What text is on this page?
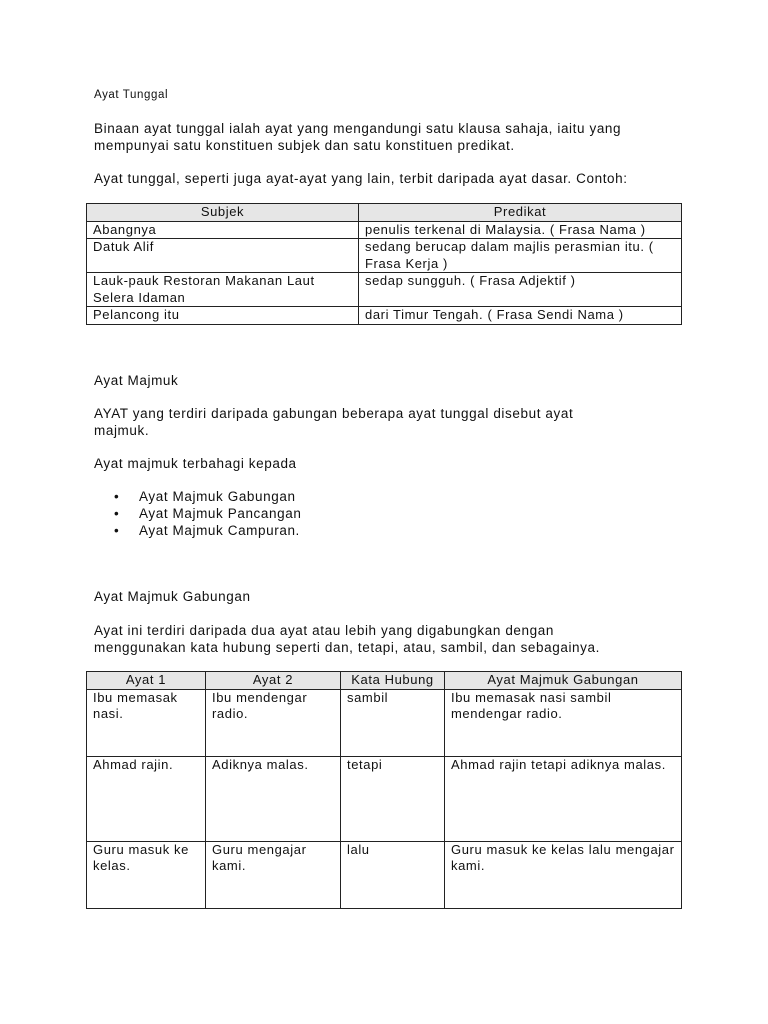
Ayat Tunggal
Binaan ayat tunggal ialah ayat yang mengandungi satu klausa sahaja, iaitu yang
mempunyai satu konstituen subjek dan satu konstituen predikat.
Ayat tunggal, seperti juga ayat-ayat yang lain, terbit daripada ayat dasar. Contoh:
Subjek	Predikat
Abangnya	penulis terkenal di Malaysia. ( Frasa Nama )
Datuk Alif	sedang berucap dalam majlis perasmian itu. ( Frasa Kerja )
Lauk-pauk Restoran Makanan Laut Selera Idaman	sedap sungguh. ( Frasa Adjektif )
Pelancong itu	dari Timur Tengah. ( Frasa Sendi Nama )
Ayat Majmuk
AYAT yang terdiri daripada gabungan beberapa ayat tunggal disebut ayat
majmuk.
Ayat majmuk terbahagi kepada
• Ayat Majmuk Gabungan
• Ayat Majmuk Pancangan
• Ayat Majmuk Campuran.
Ayat Majmuk Gabungan
Ayat ini terdiri daripada dua ayat atau lebih yang digabungkan dengan
menggunakan kata hubung seperti dan, tetapi, atau, sambil, dan sebagainya.
Ayat 1	Ayat 2	Kata Hubung	Ayat Majmuk Gabungan
Ibu memasak nasi.	Ibu mendengar radio.	sambil	Ibu memasak nasi sambil mendengar radio.
Ahmad rajin.	Adiknya malas.	tetapi	Ahmad rajin tetapi adiknya malas.
Guru masuk ke kelas.	Guru mengajar kami.	lalu	Guru masuk ke kelas lalu mengajar kami.
